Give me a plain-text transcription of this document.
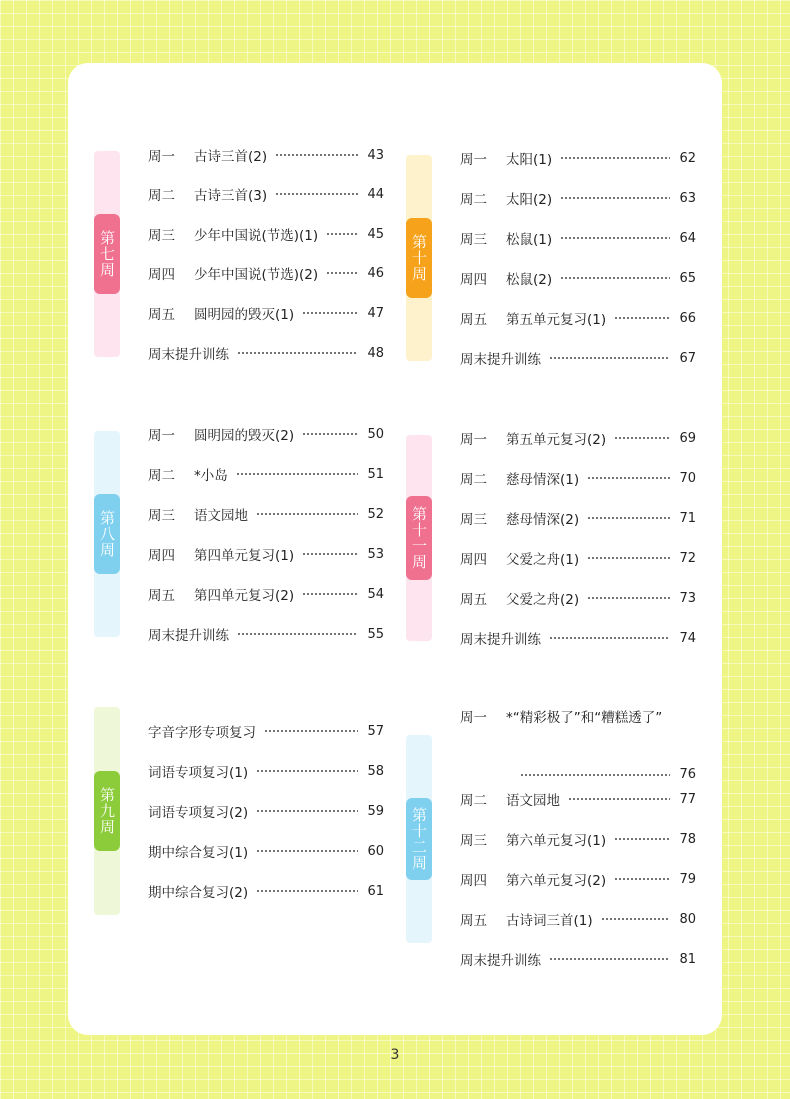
第七周
周一	古诗三首(2)	43
周二	古诗三首(3)	44
周三	少年中国说(节选)(1)	45
周四	少年中国说(节选)(2)	46
周五	圆明园的毁灭(1)	47
周末提升训练	48
第八周
周一	圆明园的毁灭(2)	50
周二	*小岛	51
周三	语文园地	52
周四	第四单元复习(1)	53
周五	第四单元复习(2)	54
周末提升训练	55
第九周
字音字形专项复习	57
词语专项复习(1)	58
词语专项复习(2)	59
期中综合复习(1)	60
期中综合复习(2)	61
第十周
周一	太阳(1)	62
周二	太阳(2)	63
周三	松鼠(1)	64
周四	松鼠(2)	65
周五	第五单元复习(1)	66
周末提升训练	67
第十一周
周一	第五单元复习(2)	69
周二	慈母情深(1)	70
周三	慈母情深(2)	71
周四	父爱之舟(1)	72
周五	父爱之舟(2)	73
周末提升训练	74
第十二周
周一	*“精彩极了”和“糟糕透了”
76
周二	语文园地	77
周三	第六单元复习(1)	78
周四	第六单元复习(2)	79
周五	古诗词三首(1)	80
周末提升训练	81
3
